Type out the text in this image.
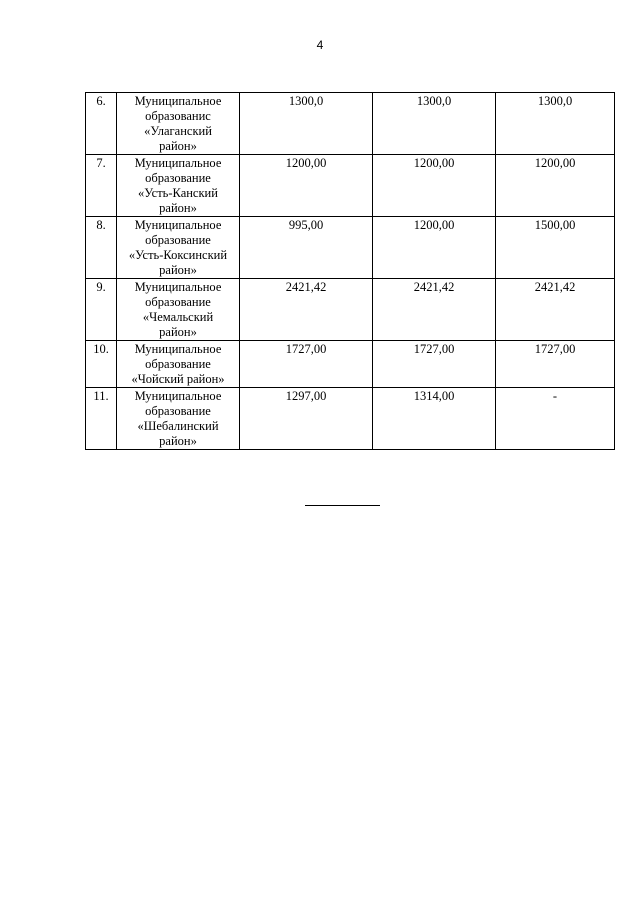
4
6.	Муниципальное
образованис
«Улаганский
район»	1300,0	1300,0	1300,0
7.	Муниципальное
образование
«Усть-Канский
район»	1200,00	1200,00	1200,00
8.	Муниципальное
образование
«Усть-Коксинский
район»	995,00	1200,00	1500,00
9.	Муниципальное
образование
«Чемальский
район»	2421,42	2421,42	2421,42
10.	Муниципальное
образование
«Чойский район»	1727,00	1727,00	1727,00
11.	Муниципальное
образование
«Шебалинский
район»	1297,00	1314,00	-
